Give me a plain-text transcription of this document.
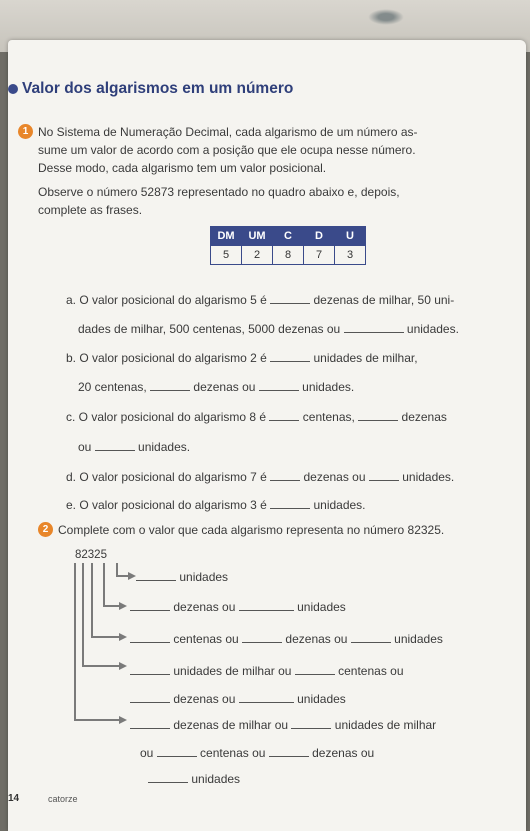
Valor dos algarismos em um número
1 No Sistema de Numeração Decimal, cada algarismo de um número as-
sume um valor de acordo com a posição que ele ocupa nesse número.
Desse modo, cada algarismo tem um valor posicional.
Observe o número 52873 representado no quadro abaixo e, depois,
complete as frases.
DM	UM	C	D	U
5	2	8	7	3
a. O valor posicional do algarismo 5 é	dezenas de milhar, 50 uni-
dades de milhar, 500 centenas, 5000 dezenas ou	unidades.
b. O valor posicional do algarismo 2 é	unidades de milhar,
20 centenas,	dezenas ou	unidades.
c. O valor posicional do algarismo 8 é	centenas,	dezenas
ou	unidades.
d. O valor posicional do algarismo 7 é	dezenas ou	unidades.
e. O valor posicional do algarismo 3 é	unidades.
2 Complete com o valor que cada algarismo representa no número 82325.
82325
unidades
dezenas ou	unidades
centenas ou	dezenas ou	unidades
unidades de milhar ou	centenas ou
dezenas ou	unidades
dezenas de milhar ou	unidades de milhar
ou	centenas ou	dezenas ou
unidades
14	catorze
